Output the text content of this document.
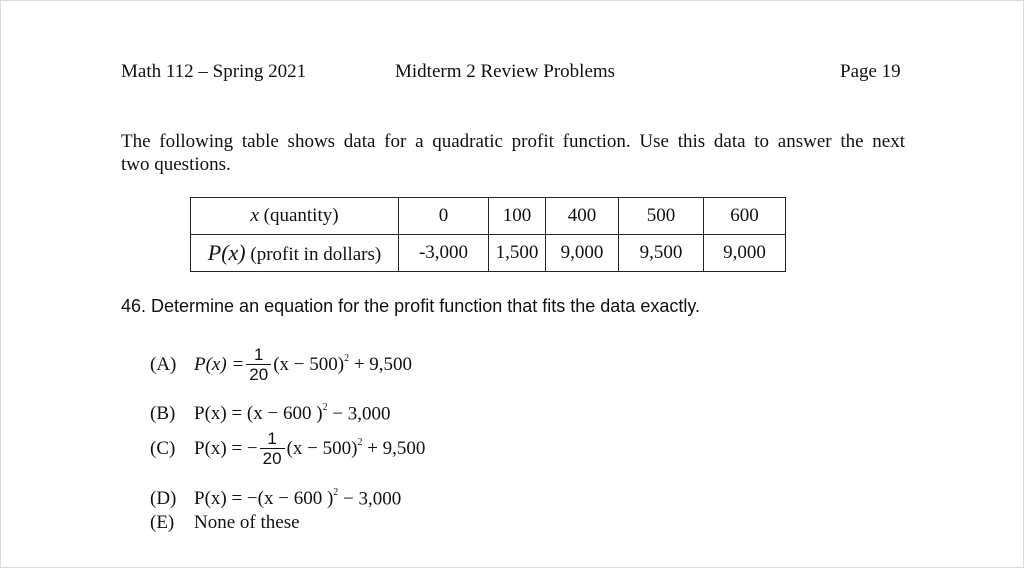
Math 112 – Spring 2021	Midterm 2 Review Problems	Page 19
The following table shows data for a quadratic profit function. Use this data to answer the next
two questions.
x (quantity)	0	100	400	500	600
P(x) (profit in dollars)	-3,000	1,500	9,000	9,500	9,000
46. Determine an equation for the profit function that fits the data exactly.
(A) $P(x) = \frac{1}{20} (x - 500)^2 + 9,500$
(B) P(x) = (x − 600 )$^2$ − 3,000
(C) P(x) = − $\frac{1}{20} (x - 500)^2 + 9,500$
(D) P(x) = −(x − 600 )$^2$ − 3,000
(E) None of these
